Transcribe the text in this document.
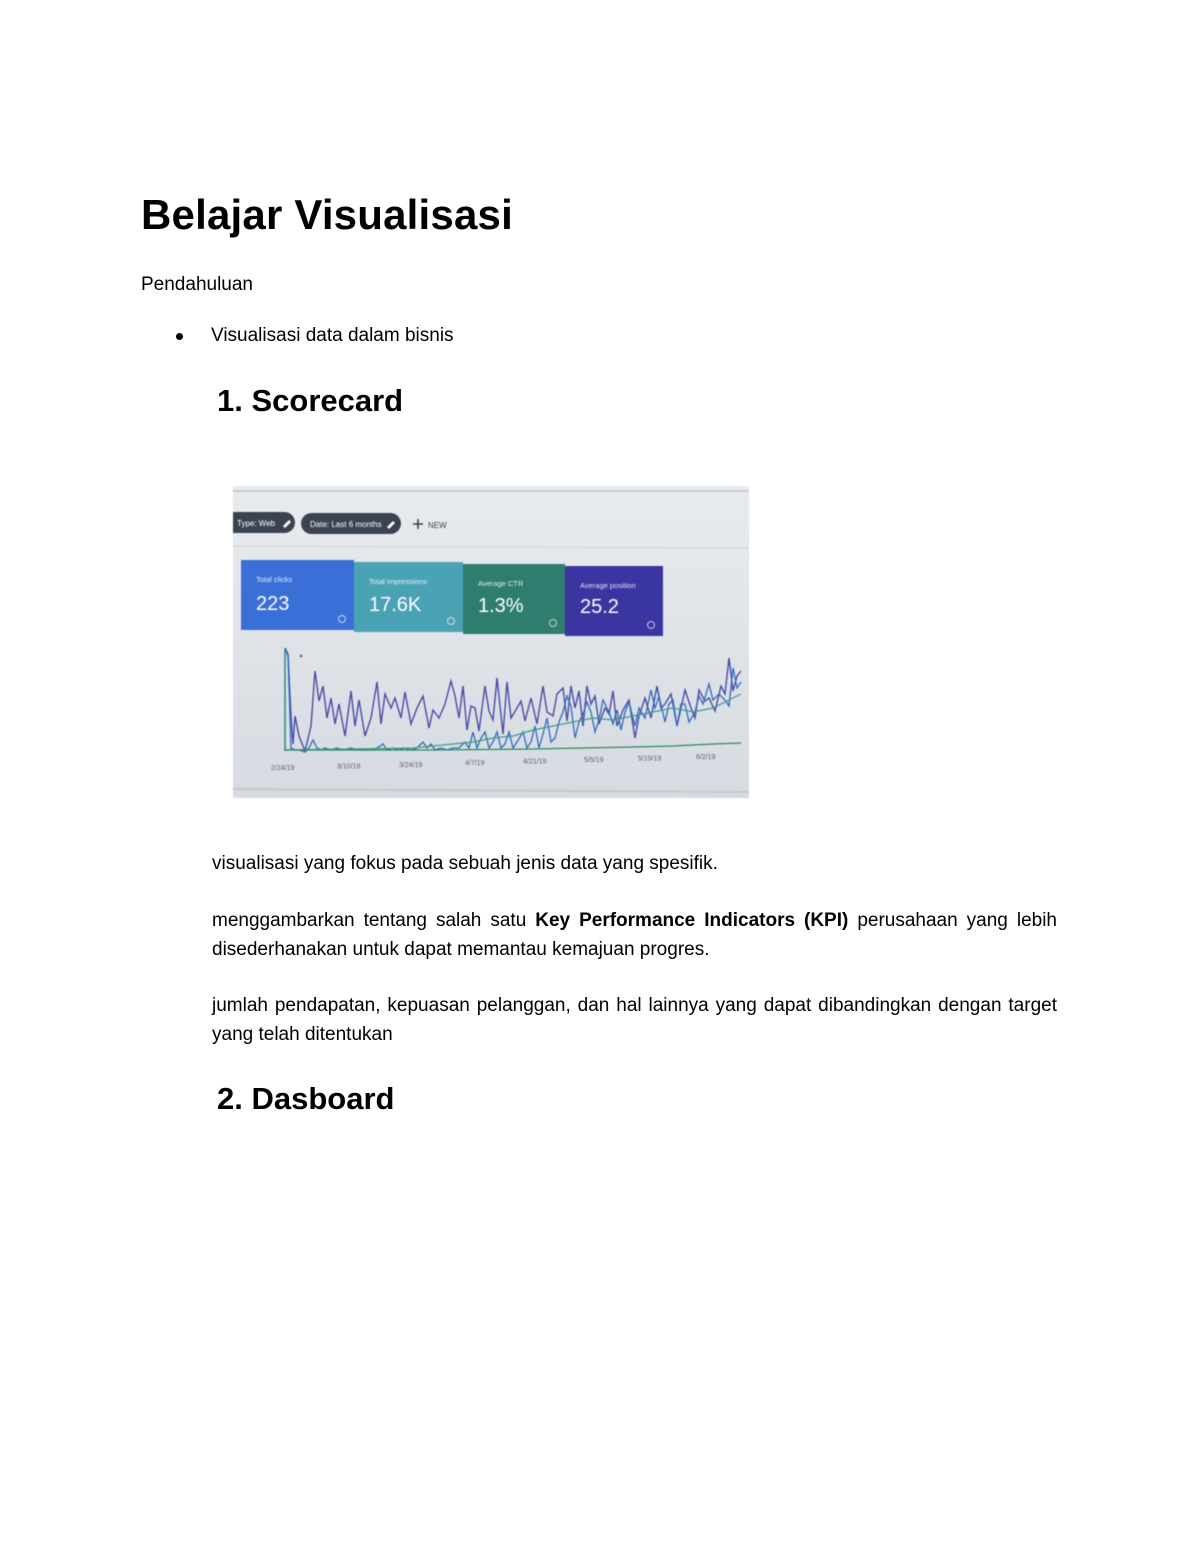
Belajar Visualisasi
Pendahuluan
Visualisasi data dalam bisnis
1. Scorecard
Type: Web	Date: Last 6 months	NEW
Total clicks
223
Total impressions
17.6K
Average CTR
1.3%
Average position
25.2
2/24/19	3/10/19	3/24/19	4/7/19	4/21/19	5/5/19	5/19/19	6/2/19
visualisasi yang fokus pada sebuah jenis data yang spesifik.
menggambarkan tentang salah satu Key Performance Indicators (KPI) perusahaan yang lebih disederhanakan untuk dapat memantau kemajuan progres.
jumlah pendapatan, kepuasan pelanggan, dan hal lainnya yang dapat dibandingkan dengan target yang telah ditentukan
2. Dasboard
